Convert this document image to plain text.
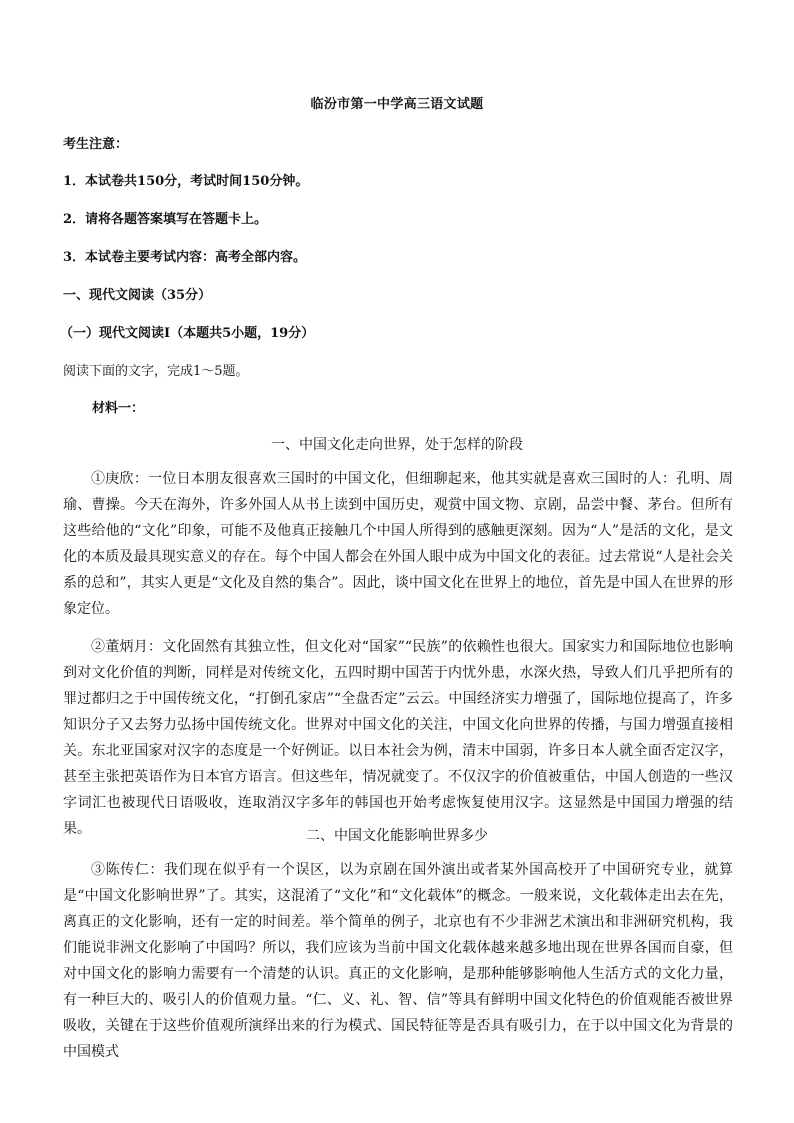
临汾市第一中学高三语文试题
考生注意：
1．本试卷共150分，考试时间150分钟。
2．请将各题答案填写在答题卡上。
3．本试卷主要考试内容：高考全部内容。
一、现代文阅读（35分）
（一）现代文阅读Ⅰ（本题共5小题，19分）
阅读下面的文字，完成1～5题。
材料一：
一、中国文化走向世界，处于怎样的阶段
①庚欣：一位日本朋友很喜欢三国时的中国文化，但细聊起来，他其实就是喜欢三国时的人：孔明、周瑜、曹操。今天在海外，许多外国人从书上读到中国历史，观赏中国文物、京剧，品尝中餐、茅台。但所有这些给他的“文化”印象，可能不及他真正接触几个中国人所得到的感触更深刻。因为“人”是活的文化，是文化的本质及最具现实意义的存在。每个中国人都会在外国人眼中成为中国文化的表征。过去常说“人是社会关系的总和”，其实人更是“文化及自然的集合”。因此，谈中国文化在世界上的地位，首先是中国人在世界的形象定位。
②董炳月：文化固然有其独立性，但文化对“国家”“民族”的依赖性也很大。国家实力和国际地位也影响到对文化价值的判断，同样是对传统文化，五四时期中国苦于内忧外患，水深火热，导致人们几乎把所有的罪过都归之于中国传统文化，“打倒孔家店”“全盘否定”云云。中国经济实力增强了，国际地位提高了，许多知识分子又去努力弘扬中国传统文化。世界对中国文化的关注，中国文化向世界的传播，与国力增强直接相关。东北亚国家对汉字的态度是一个好例证。以日本社会为例，清末中国弱，许多日本人就全面否定汉字，甚至主张把英语作为日本官方语言。但这些年，情况就变了。不仅汉字的价值被重估，中国人创造的一些汉字词汇也被现代日语吸收，连取消汉字多年的韩国也开始考虑恢复使用汉字。这显然是中国国力增强的结果。	二、中国文化能影响世界多少
③陈传仁：我们现在似乎有一个误区，以为京剧在国外演出或者某外国高校开了中国研究专业，就算是“中国文化影响世界”了。其实，这混淆了“文化”和“文化载体”的概念。一般来说，文化载体走出去在先，离真正的文化影响，还有一定的时间差。举个简单的例子，北京也有不少非洲艺术演出和非洲研究机构，我们能说非洲文化影响了中国吗？所以，我们应该为当前中国文化载体越来越多地出现在世界各国而自豪，但对中国文化的影响力需要有一个清楚的认识。真正的文化影响，是那种能够影响他人生活方式的文化力量，有一种巨大的、吸引人的价值观力量。“仁、义、礼、智、信”等具有鲜明中国文化特色的价值观能否被世界吸收，关键在于这些价值观所演绎出来的行为模式、国民特征等是否具有吸引力，在于以中国文化为背景的中国模式
